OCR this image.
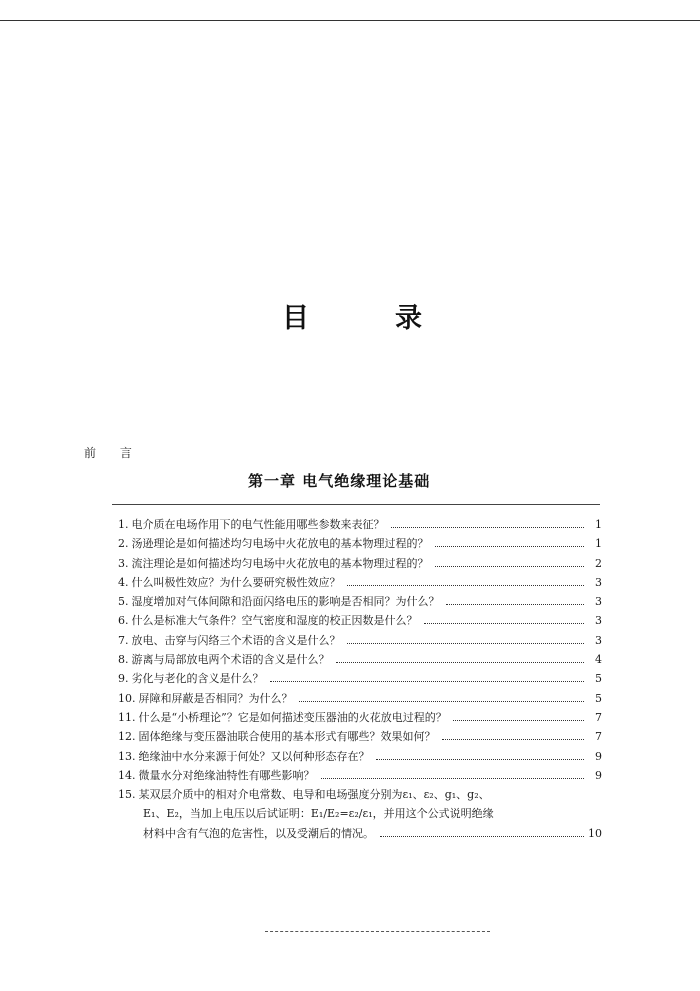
目	录
前 言
第一章 电气绝缘理论基础
1. 电介质在电场作用下的电气性能用哪些参数来表征？	1
2. 汤逊理论是如何描述均匀电场中火花放电的基本物理过程的？	1
3. 流注理论是如何描述均匀电场中火花放电的基本物理过程的？	2
4. 什么叫极性效应？为什么要研究极性效应？	3
5. 湿度增加对气体间隙和沿面闪络电压的影响是否相同？为什么？	3
6. 什么是标准大气条件？空气密度和湿度的校正因数是什么？	3
7. 放电、击穿与闪络三个术语的含义是什么？	3
8. 游离与局部放电两个术语的含义是什么？	4
9. 劣化与老化的含义是什么？	5
10. 屏障和屏蔽是否相同？为什么？	5
11. 什么是“小桥理论”？它是如何描述变压器油的火花放电过程的？	7
12. 固体绝缘与变压器油联合使用的基本形式有哪些？效果如何？	7
13. 绝缘油中水分来源于何处？又以何种形态存在？	9
14. 微量水分对绝缘油特性有哪些影响？	9
15. 某双层介质中的相对介电常数、电导和电场强度分别为ε₁、ε₂、g₁、g₂、
E₁、E₂，当加上电压以后试证明：E₁/E₂=ε₂/ε₁，并用这个公式说明绝缘
材料中含有气泡的危害性，以及受潮后的情况。	10
